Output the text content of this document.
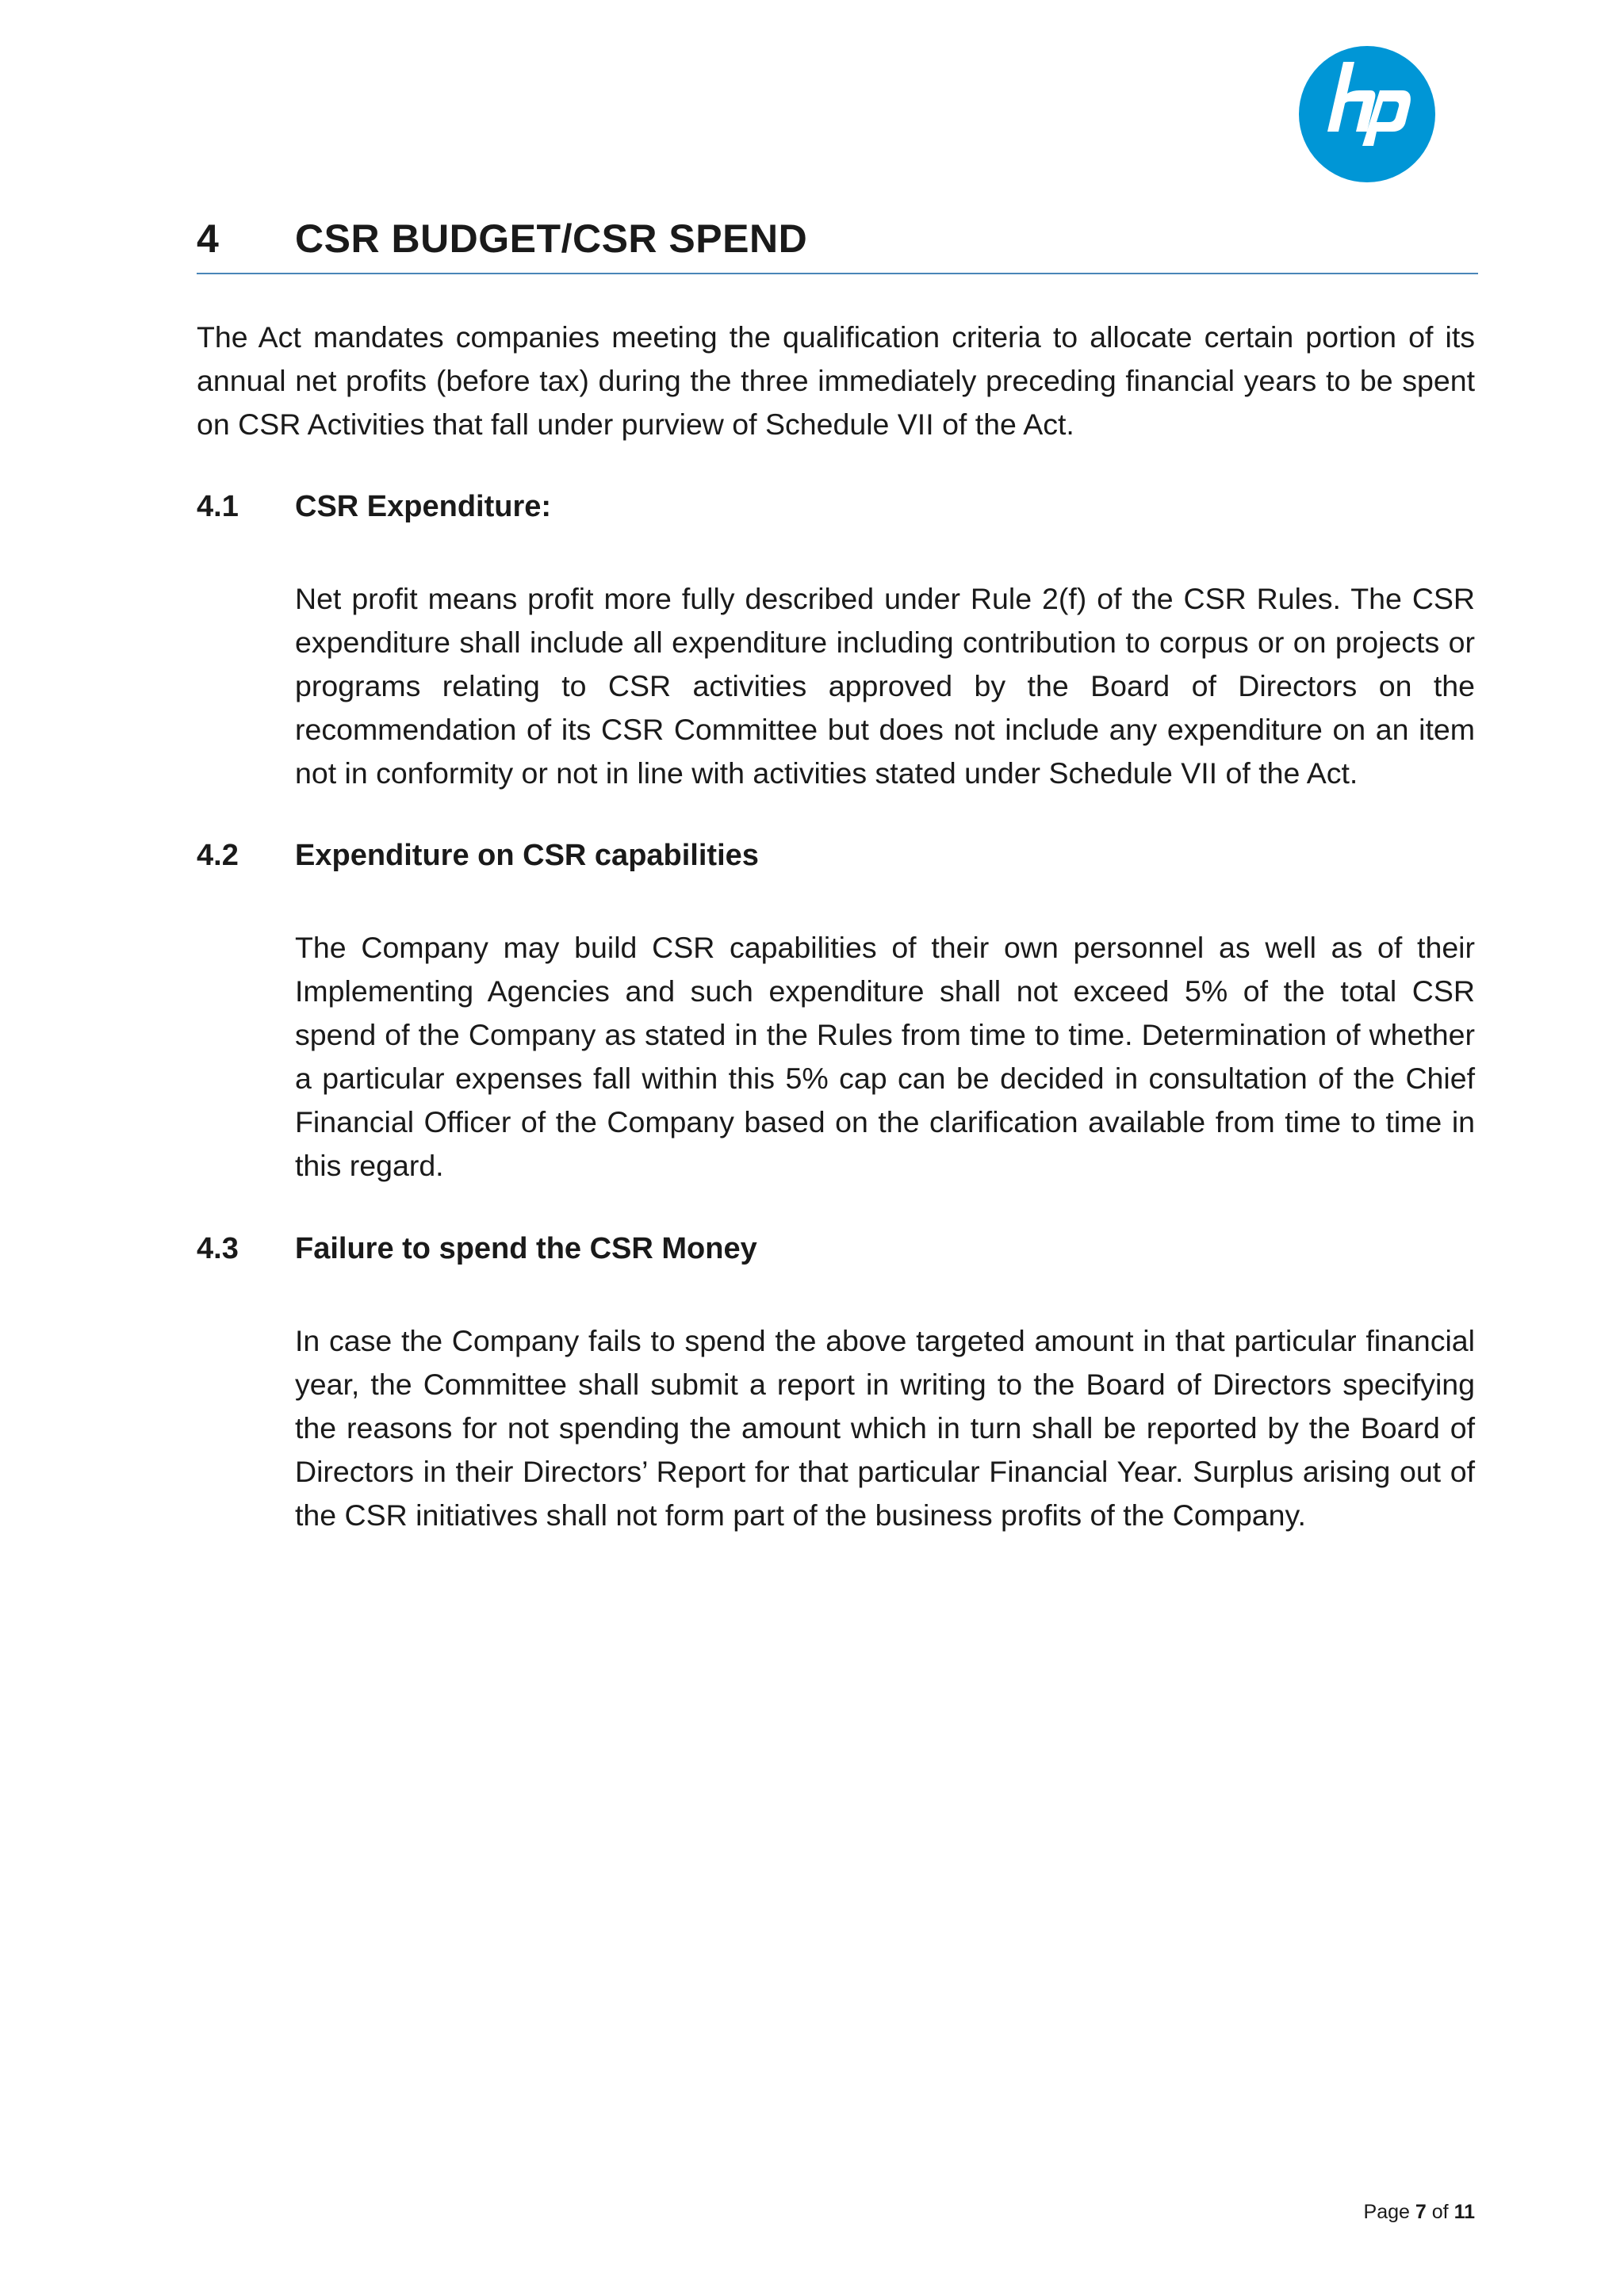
4 CSR BUDGET/CSR SPEND

The Act mandates companies meeting the qualification criteria to allocate certain portion of its annual net profits (before tax) during the three immediately preceding financial years to be spent on CSR Activities that fall under purview of Schedule VII of the Act.

4.1 CSR Expenditure:

Net profit means profit more fully described under Rule 2(f) of the CSR Rules. The CSR expenditure shall include all expenditure including contribution to corpus or on projects or programs relating to CSR activities approved by the Board of Directors on the recommendation of its CSR Committee but does not include any expenditure on an item not in conformity or not in line with activities stated under Schedule VII of the Act.

4.2 Expenditure on CSR capabilities

The Company may build CSR capabilities of their own personnel as well as of their Implementing Agencies and such expenditure shall not exceed 5% of the total CSR spend of the Company as stated in the Rules from time to time. Determination of whether a particular expenses fall within this 5% cap can be decided in consultation of the Chief Financial Officer of the Company based on the clarification available from time to time in this regard.

4.3 Failure to spend the CSR Money

In case the Company fails to spend the above targeted amount in that particular financial year, the Committee shall submit a report in writing to the Board of Directors specifying the reasons for not spending the amount which in turn shall be reported by the Board of Directors in their Directors’ Report for that particular Financial Year. Surplus arising out of the CSR initiatives shall not form part of the business profits of the Company.

Page 7 of 11
